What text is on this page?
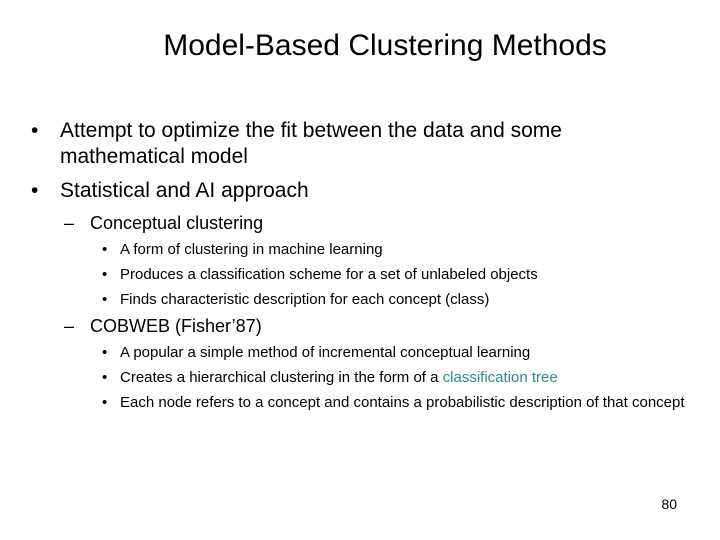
Model-Based Clustering Methods
• Attempt to optimize the fit between the data and some mathematical model
• Statistical and AI approach
– Conceptual clustering
• A form of clustering in machine learning
• Produces a classification scheme for a set of unlabeled objects
• Finds characteristic description for each concept (class)
– COBWEB (Fisher’87)
• A popular a simple method of incremental conceptual learning
• Creates a hierarchical clustering in the form of a classification tree
• Each node refers to a concept and contains a probabilistic description of that concept
80
